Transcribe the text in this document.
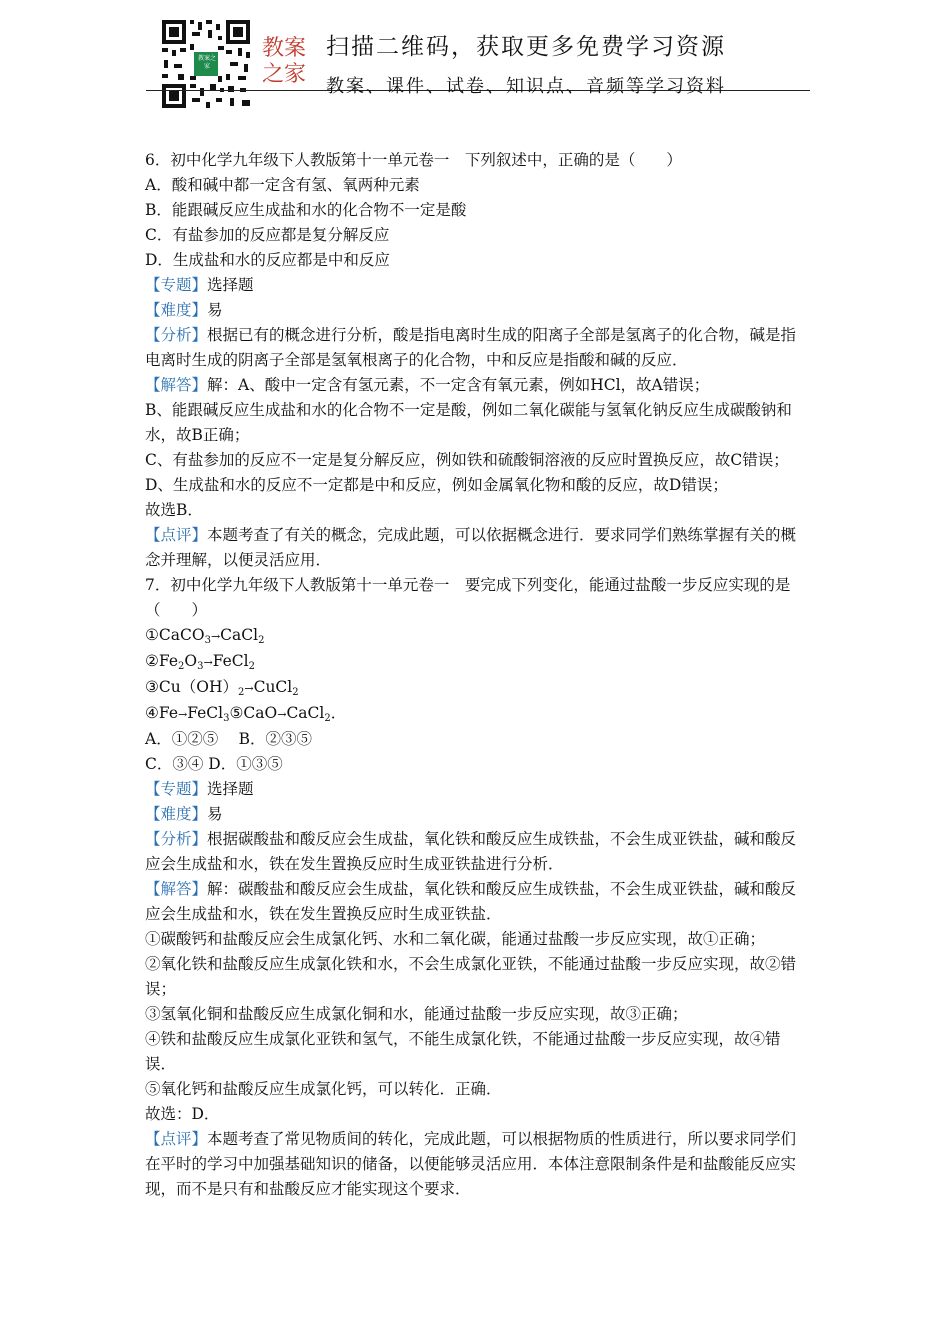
教案之家
教案之家
扫描二维码，获取更多免费学习资源
教案、课件、试卷、知识点、音频等学习资料

6．初中化学九年级下人教版第十一单元卷一　下列叙述中，正确的是（　　）

A．酸和碱中都一定含有氢、氧两种元素

B．能跟碱反应生成盐和水的化合物不一定是酸

C．有盐参加的反应都是复分解反应

D．生成盐和水的反应都是中和反应

【专题】选择题

【难度】易

【分析】根据已有的概念进行分析，酸是指电离时生成的阳离子全部是氢离子的化合物，碱是指电离时生成的阴离子全部是氢氧根离子的化合物，中和反应是指酸和碱的反应．

【解答】解：A、酸中一定含有氢元素，不一定含有氧元素，例如HCl，故A错误；

B、能跟碱反应生成盐和水的化合物不一定是酸，例如二氧化碳能与氢氧化钠反应生成碳酸钠和水，故B正确；

C、有盐参加的反应不一定是复分解反应，例如铁和硫酸铜溶液的反应时置换反应，故C错误；

D、生成盐和水的反应不一定都是中和反应，例如金属氧化物和酸的反应，故D错误；

故选B．

【点评】本题考查了有关的概念，完成此题，可以依据概念进行．要求同学们熟练掌握有关的概念并理解，以便灵活应用．

7．初中化学九年级下人教版第十一单元卷一　要完成下列变化，能通过盐酸一步反应实现的是（　　）

①CaCO$_3$→CaCl$_2$

$②Fe_2O_3\to FeCl_2$

$③Cu(OH)_2\to CuCl_2$

④Fe→FeCl$_3$⑤CaO→CaCl$_2$．

A．①②⑤　 B．②③⑤

C．③④ D．①③⑤

【专题】选择题

【难度】易

【分析】根据碳酸盐和酸反应会生成盐，氧化铁和酸反应生成铁盐，不会生成亚铁盐，碱和酸反应会生成盐和水，铁在发生置换反应时生成亚铁盐进行分析．

【解答】解：碳酸盐和酸反应会生成盐，氧化铁和酸反应生成铁盐，不会生成亚铁盐，碱和酸反应会生成盐和水，铁在发生置换反应时生成亚铁盐．

①碳酸钙和盐酸反应会生成氯化钙、水和二氧化碳，能通过盐酸一步反应实现，故①正确；

②氧化铁和盐酸反应生成氯化铁和水，不会生成氯化亚铁，不能通过盐酸一步反应实现，故②错误；

③氢氧化铜和盐酸反应生成氯化铜和水，能通过盐酸一步反应实现，故③正确；

④铁和盐酸反应生成氯化亚铁和氢气，不能生成氯化铁，不能通过盐酸一步反应实现，故④错误．

⑤氧化钙和盐酸反应生成氯化钙，可以转化．正确．

故选：D．

【点评】本题考查了常见物质间的转化，完成此题，可以根据物质的性质进行，所以要求同学们在平时的学习中加强基础知识的储备，以便能够灵活应用．本体注意限制条件是和盐酸能反应实现，而不是只有和盐酸反应才能实现这个要求．
